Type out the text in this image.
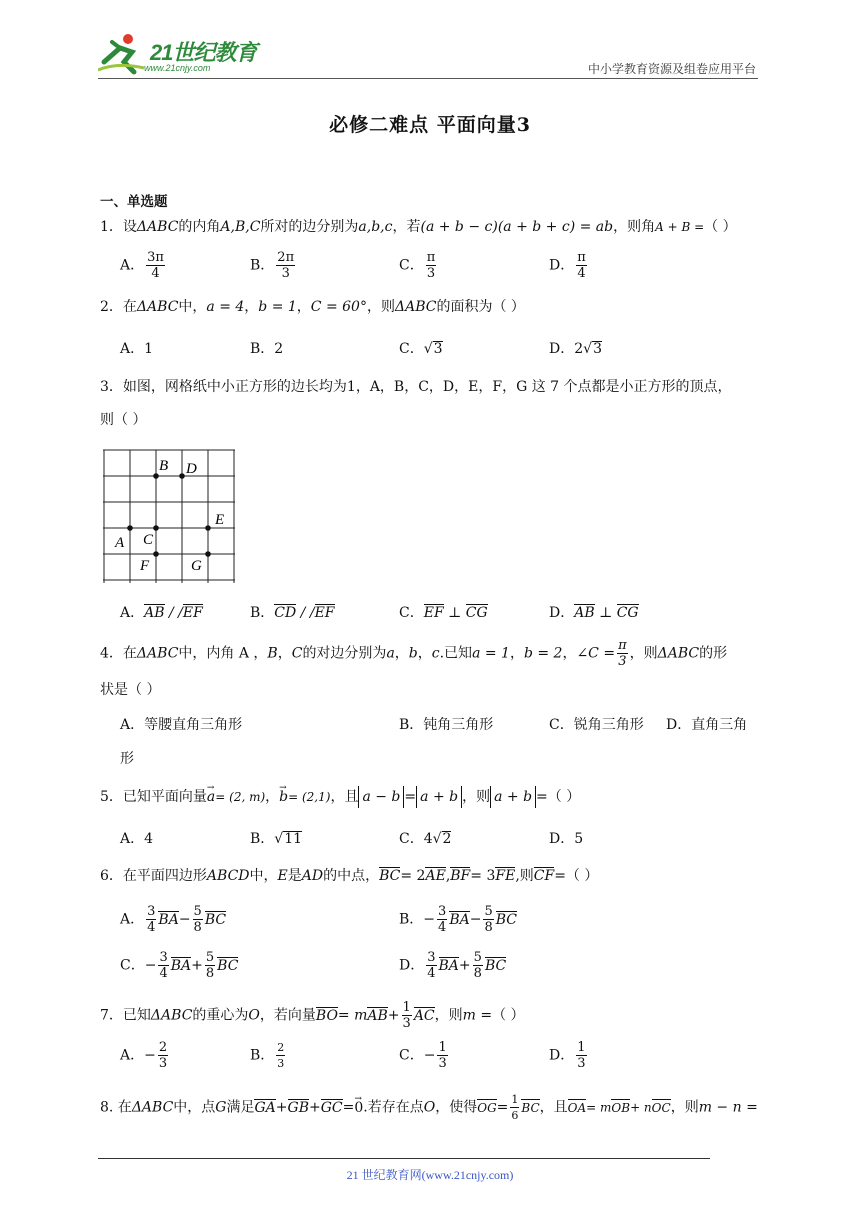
21世纪教育
www.21cnjy.com	中小学教育资源及组卷应用平台
必修二难点 平面向量3
一、单选题
1．设ΔABC的内角A,B,C所对的边分别为a,b,c，若(a + b − c)(a + b + c) = ab，则角A + B =（ ）
A． $\frac{3\pi}{4}$	B． $\frac{2\pi}{3}$	C． $\frac{\pi}{3}$	D． $\frac{\pi}{4}$
2．在ΔABC中，a = 4，b = 1，C = 60°，则ΔABC的面积为（ ）
A．1	B．2	C．√3	D．2√3
3．如图，网格纸中小正方形的边长均为1，A，B，C，D，E，F，G 这 7 个点都是小正方形的顶点，
则（ ）
B D
E
A C
F	G
A．AB / /EF	B．CD / /EF	C．EF ⊥ CG	D．AB ⊥ CG
4．在ΔABC中，内角 A ，B，C的对边分别为a，b，c.已知a = 1，b = 2，∠C = $\frac{\pi}{3}$ ，则ΔABC的形
状是（ ）
A．等腰直角三角形	B．钝角三角形	C．锐角三角形 D．直角三角
形
5．已知平面向量→ a= (2, m)，→ b= (2,1)，且 a − b = a + b ，则 a + b =（ ）
A．4	B．√11	C．4√2	D．5
6．在平面四边形ABCD中，E是AD的中点，BC= 2AE,BF= 3FE,则CF=（ ）
A． $\frac{3}{4} BA- \frac{5}{8}$ BC	B．− $\frac{3}{4} BA- \frac{5}{8}$ BC
C．− $\frac{3}{4} BA+ \frac{5}{8}$ BC	D． $\frac{3}{4} BA+ \frac{5}{8}$ BC
7．已知ΔABC的重心为O，若向量$BO= mAB+ \frac{1}{3}$ AC，则m =（ ）
A．− $\frac{2}{3}$	B． $\frac{2}{3}$	C．− $\frac{1}{3}$	D． $\frac{1}{3}$
8. 在ΔABC中，点G满足GA+GB+GC=→ 0.若存在点O，使得$OG= \frac{1}{6}$ BC，且OA= mOB+ nOC，则m − n =
21 世纪教育网(www.21cnjy.com)
